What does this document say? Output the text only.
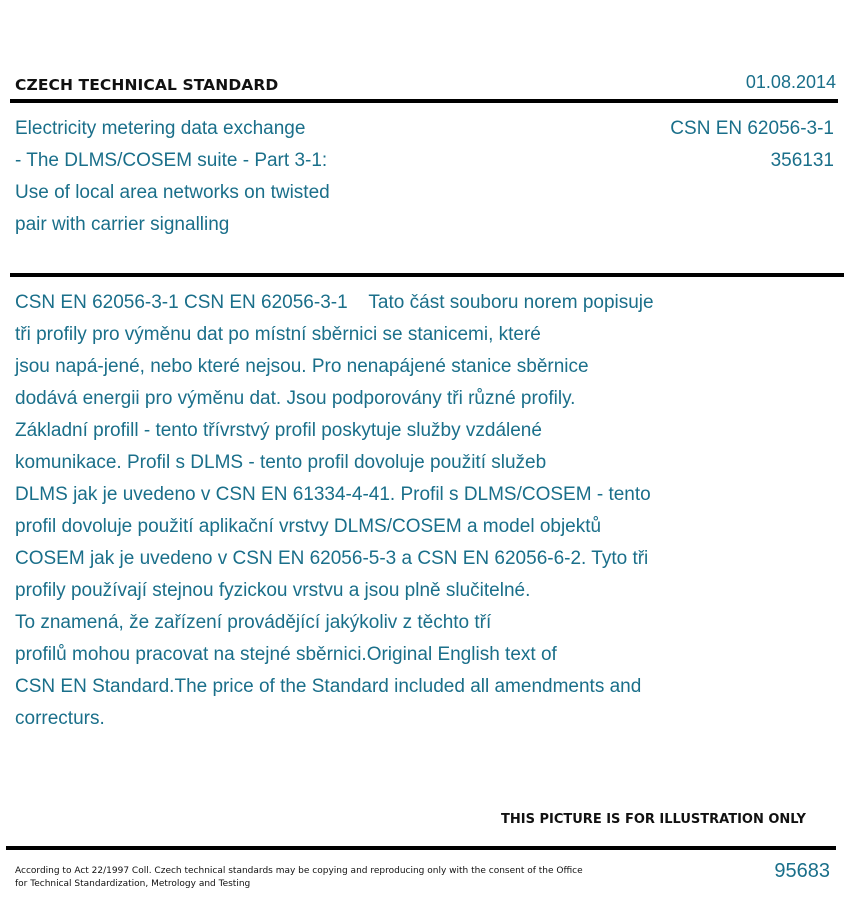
CZECH TECHNICAL STANDARD	01.08.2014
Electricity metering data exchange
- The DLMS/COSEM suite - Part 3-1:
Use of local area networks on twisted
pair with carrier signalling
CSN EN 62056-3-1
356131
CSN EN 62056-3-1 CSN EN 62056-3-1    Tato část souboru norem popisuje
tři profily pro výměnu dat po místní sběrnici se stanicemi, které
jsou napá-jené, nebo které nejsou. Pro nenapájené stanice sběrnice
dodává energii pro výměnu dat. Jsou podporovány tři různé profily.
Základní profill - tento třívrstvý profil poskytuje služby vzdálené
komunikace. Profil s DLMS - tento profil dovoluje použití služeb
DLMS jak je uvedeno v CSN EN 61334-4-41. Profil s DLMS/COSEM - tento
profil dovoluje použití aplikační vrstvy DLMS/COSEM a model objektů
COSEM jak je uvedeno v CSN EN 62056-5-3 a CSN EN 62056-6-2. Tyto tři
profily používají stejnou fyzickou vrstvu a jsou plně slučitelné.
To znamená, že zařízení provádějící jakýkoliv z těchto tří
profilů mohou pracovat na stejné sběrnici.Original English text of
CSN EN Standard.The price of the Standard included all amendments and
correcturs.
THIS PICTURE IS FOR ILLUSTRATION ONLY
According to Act 22/1997 Coll. Czech technical standards may be copying and reproducing only with the consent of the Office
for Technical Standardization, Metrology and Testing
95683
